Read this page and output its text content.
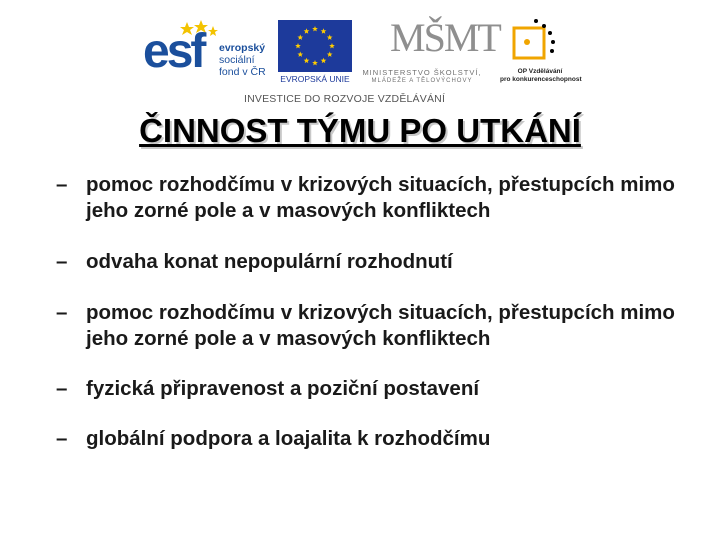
esf evropský
sociální
fond v ČR
EVROPSKÁ UNIE
MŠMT
MINISTERSTVO ŠKOLSTVÍ,
MLÁDEŽE A TĚLOVÝCHOVY
OP Vzdělávání
pro konkurenceschopnost
INVESTICE DO ROZVOJE VZDĚLÁVÁNÍ
ČINNOST TÝMU PO UTKÁNÍ
– pomoc rozhodčímu v krizových situacích, přestupcích mimo jeho zorné pole a v masových konfliktech
– odvaha konat nepopulární rozhodnutí
– pomoc rozhodčímu v krizových situacích, přestupcích mimo jeho zorné pole a v masových konfliktech
– fyzická připravenost a poziční postavení
– globální podpora a loajalita k rozhodčímu
